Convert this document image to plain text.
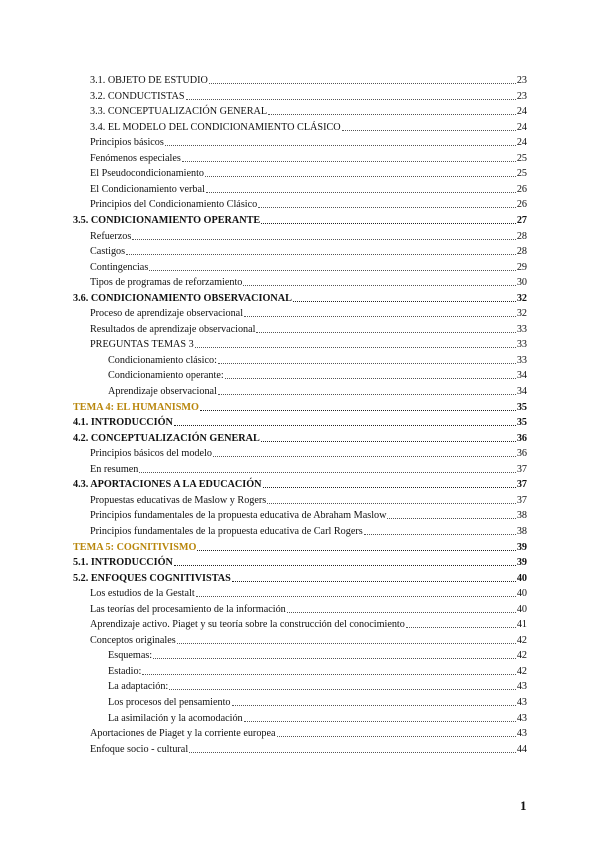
3.1. OBJETO DE ESTUDIO	23
3.2. CONDUCTISTAS	23
3.3. CONCEPTUALIZACIÓN GENERAL	24
3.4. EL MODELO DEL CONDICIONAMIENTO CLÁSICO	24
Principios básicos	24
Fenómenos especiales	25
El Pseudocondicionamiento	25
El Condicionamiento verbal	26
Principios del Condicionamiento Clásico	26
3.5. CONDICIONAMIENTO OPERANTE	27
Refuerzos	28
Castigos	28
Contingencias	29
Tipos de programas de reforzamiento	30
3.6. CONDICIONAMIENTO OBSERVACIONAL	32
Proceso de aprendizaje observacional	32
Resultados de aprendizaje observacional	33
PREGUNTAS TEMAS 3	33
Condicionamiento clásico:	33
Condicionamiento operante:	34
Aprendizaje observacional	34
TEMA 4: EL HUMANISMO	35
4.1. INTRODUCCIÓN	35
4.2. CONCEPTUALIZACIÓN GENERAL	36
Principios básicos del modelo	36
En resumen	37
4.3. APORTACIONES A LA EDUCACIÓN	37
Propuestas educativas de Maslow y Rogers	37
Principios fundamentales de la propuesta educativa de Abraham Maslow	38
Principios fundamentales de la propuesta educativa de Carl Rogers	38
TEMA 5: COGNITIVISMO	39
5.1. INTRODUCCIÓN	39
5.2. ENFOQUES COGNITIVISTAS	40
Los estudios de la Gestalt	40
Las teorías del procesamiento de la información	40
Aprendizaje activo. Piaget y su teoría sobre la construcción del conocimiento	41
Conceptos originales	42
Esquemas:	42
Estadio:	42
La adaptación:	43
Los procesos del pensamiento	43
La asimilación y la acomodación	43
Aportaciones de Piaget y la corriente europea	43
Enfoque socio - cultural	44
1
